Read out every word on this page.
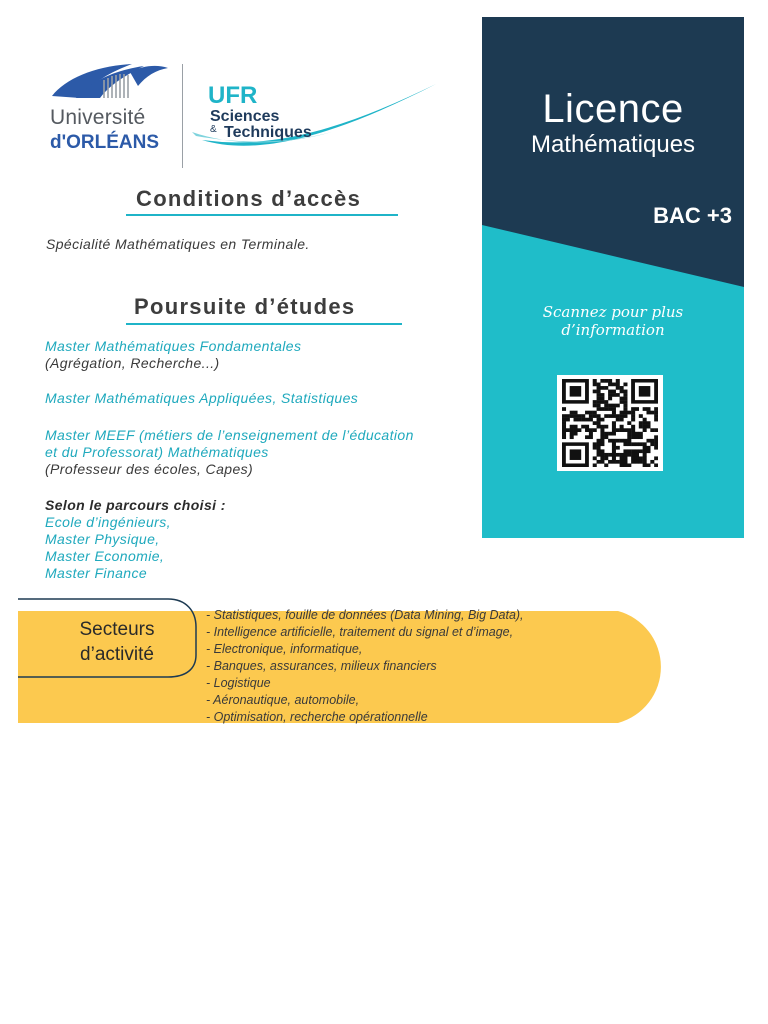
Université
d'ORLÉANS
UFR
Sciences
& Techniques
Conditions d’accès
Spécialité Mathématiques en Terminale.
Poursuite d’études
Master Mathématiques Fondamentales
(Agrégation, Recherche...)
Master Mathématiques Appliquées, Statistiques
Master MEEF (métiers de l’enseignement de l’éducation
et du Professorat) Mathématiques
(Professeur des écoles, Capes)
Selon le parcours choisi :
Ecole d’ingénieurs,
Master Physique,
Master Economie,
Master Finance
Licence
Mathématiques
BAC +3
Scannez pour plus
d’information
Secteurs
d’activité
- Statistiques, fouille de données (Data Mining, Big Data),
- Intelligence artificielle, traitement du signal et d’image,
- Electronique, informatique,
- Banques, assurances, milieux financiers
- Logistique
- Aéronautique, automobile,
- Optimisation, recherche opérationnelle
